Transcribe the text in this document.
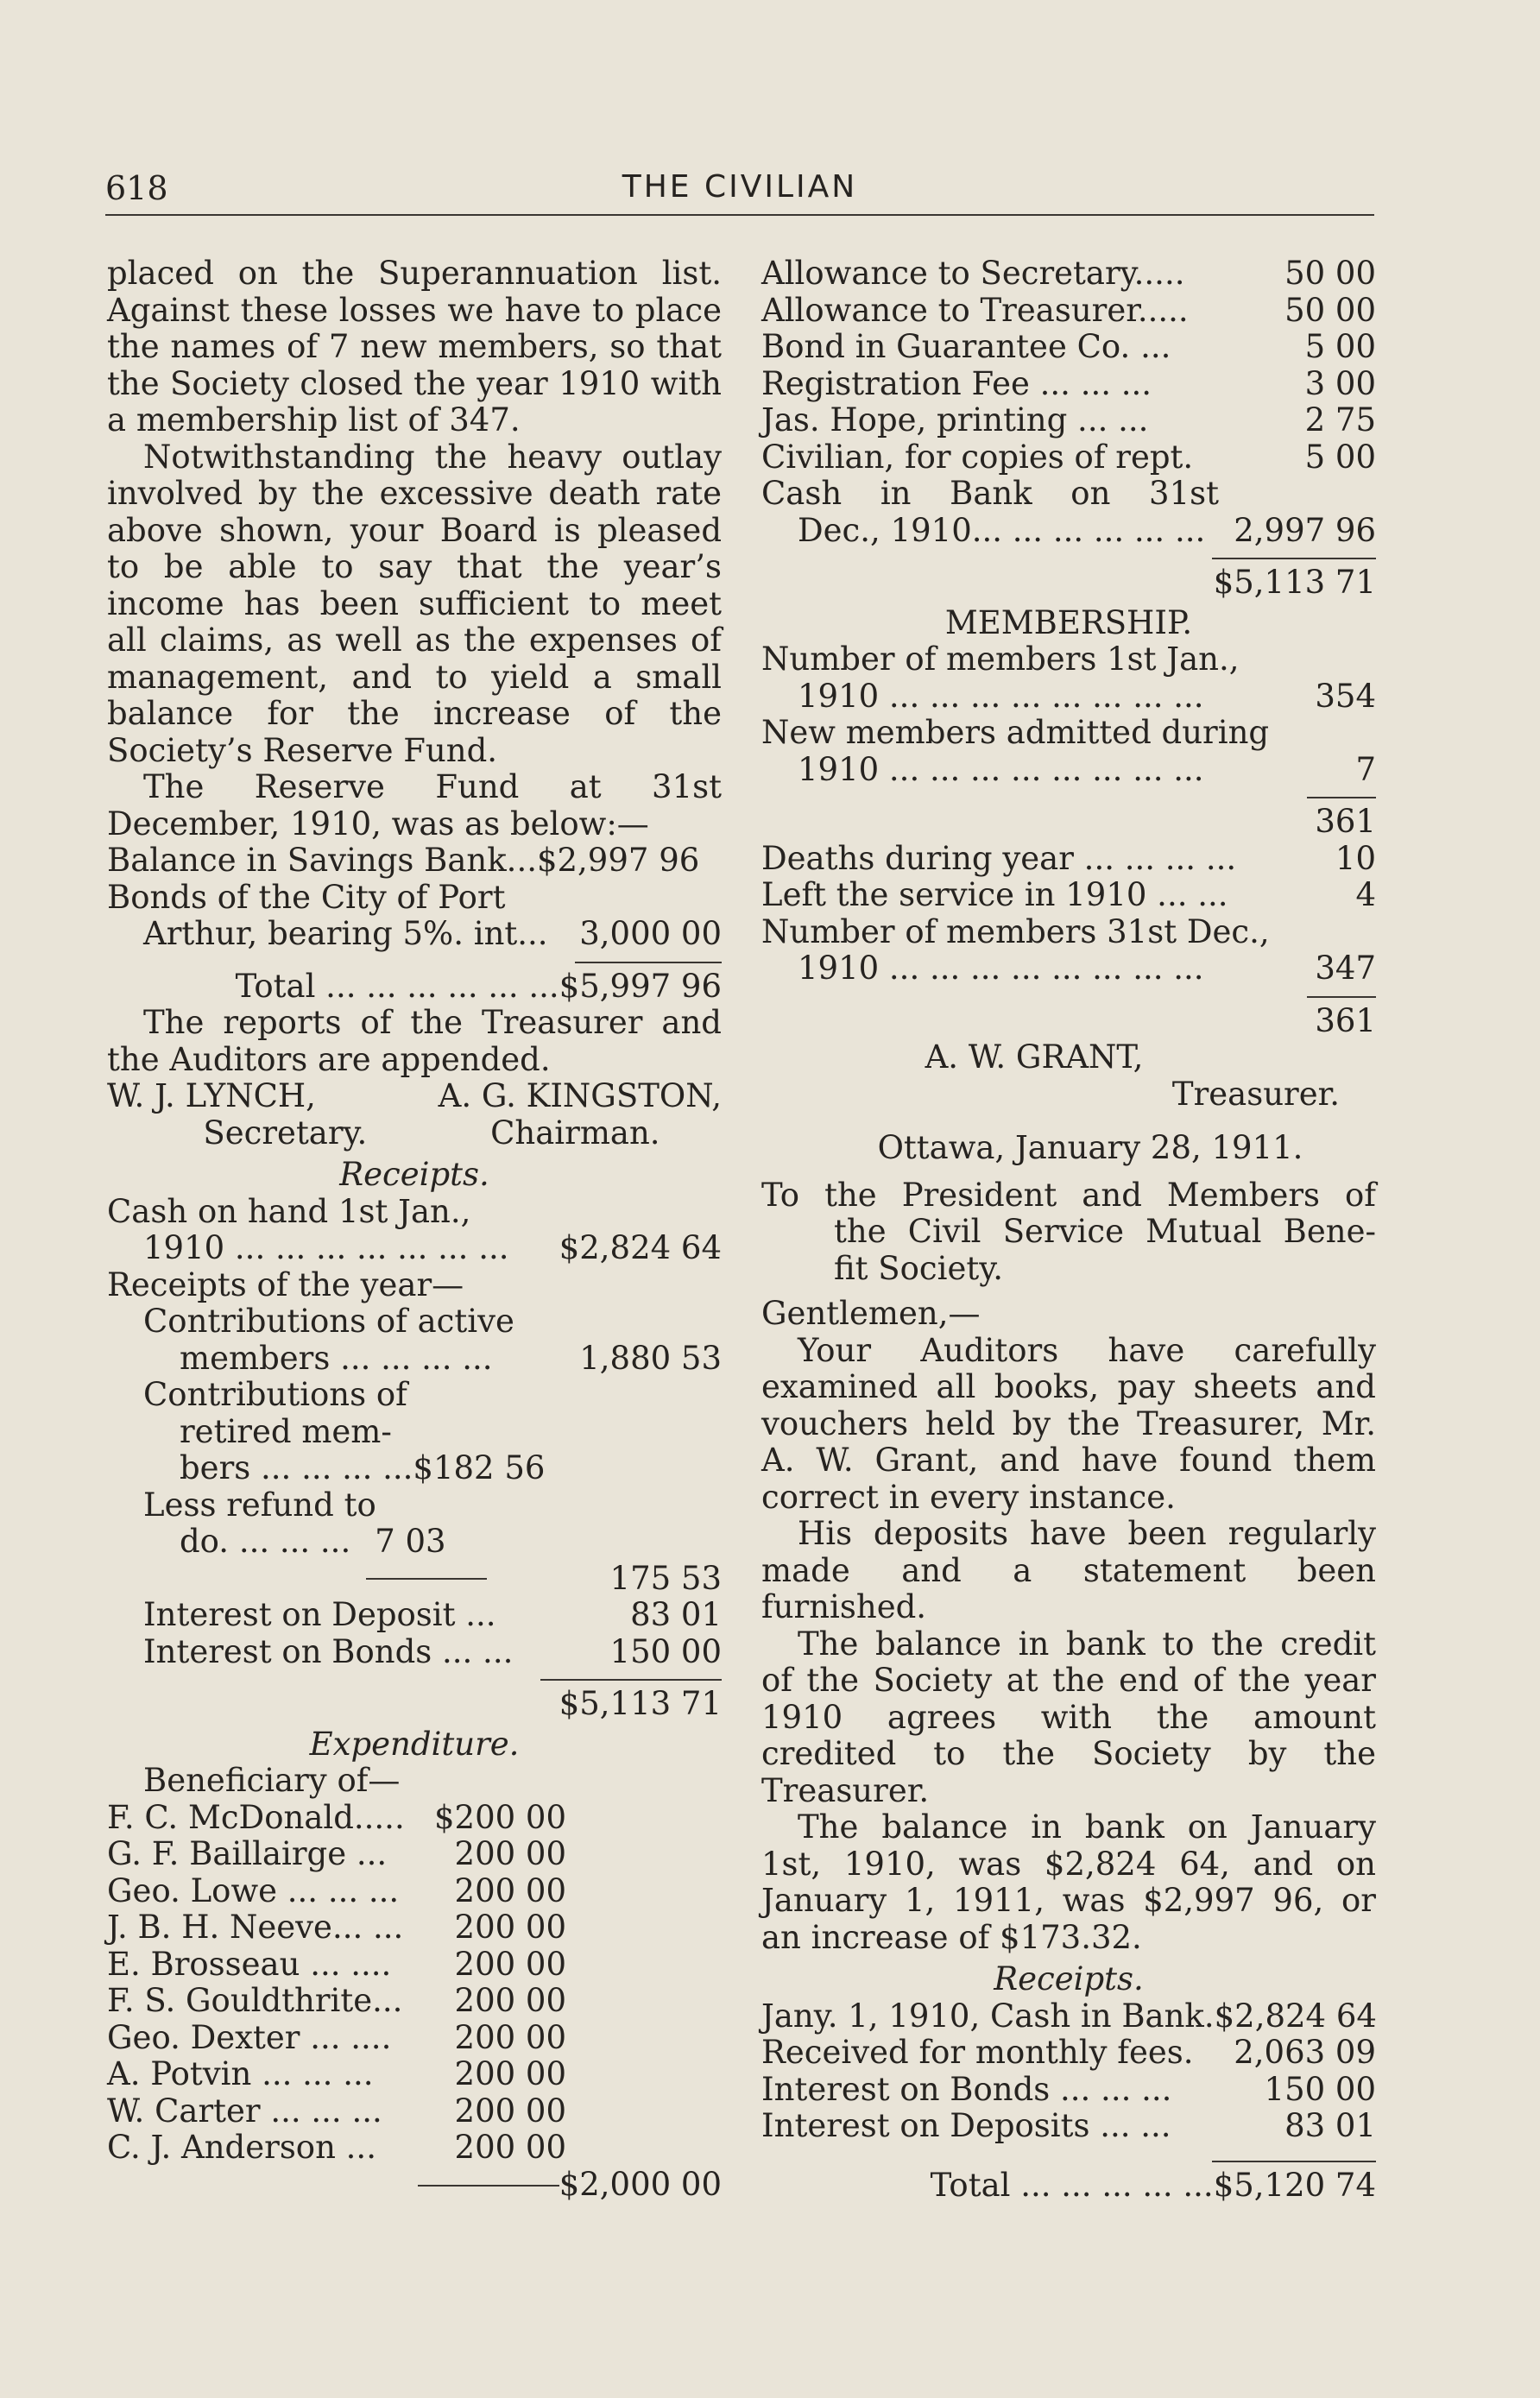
618	THE CIVILIAN

placed on the Superannuation list. Against these losses we have to place the names of 7 new members, so that the Society closed the year 1910 with a membership list of 347.

Notwithstanding the heavy outlay involved by the excessive death rate above shown, your Board is pleased to be able to say that the year’s income has been sufficient to meet all claims, as well as the expenses of management, and to yield a small balance for the increase of the Society’s Reserve Fund.

The Reserve Fund at 31st December, 1910, was as below:—

Balance in Savings Bank...$2,997 96
Bonds of the City of Port
Arthur, bearing 5%. int... 3,000 00
Total ... ... ... ... ... ...$5,997 96

The reports of the Treasurer and the Auditors are appended.

W. J. LYNCH,	A. G. KINGSTON,
Secretary.	Chairman.
Receipts.
Cash on hand 1st Jan.,
1910 ... ... ... ... ... ... ... $2,824 64
Receipts of the year—
Contributions of active
members ... ... ... ...	1,880 53
Contributions of
retired mem-
bers ... ... ... ...$182 56
Less refund to
do. ... ... ... 7 03
175 53
Interest on Deposit ...	83 01
Interest on Bonds ... ...	150 00
$5,113 71
Expenditure.
Beneficiary of—
F. C. McDonald..... $200 00
G. F. Baillairge ... 200 00
Geo. Lowe ... ... ... 200 00
J. B. H. Neeve... ... 200 00
E. Brosseau ... .... 200 00
F. S. Gouldthrite... 200 00
Geo. Dexter ... .... 200 00
A. Potvin ... ... ...	200 00
W. Carter ... ... ... 200 00
C. J. Anderson ... 200 00
$2,000 00
Allowance to Secretary.....	50 00
Allowance to Treasurer.....	50 00
Bond in Guarantee Co. ...	5 00
Registration Fee ... ... ...	3 00
Jas. Hope, printing ... ...	2 75
Civilian, for copies of rept.	5 00
Cash in Bank on 31st
Dec., 1910... ... ... ... ... ... 2,997 96
$5,113 71
MEMBERSHIP.
Number of members 1st Jan.,
1910 ... ... ... ... ... ... ... ...	354
New members admitted during
1910 ... ... ... ... ... ... ... ...	7
361
Deaths during year ... ... ... ...	10
Left the service in 1910 ... ...	4
Number of members 31st Dec.,
1910 ... ... ... ... ... ... ... ...	347
361
A. W. GRANT,
Treasurer.
Ottawa, January 28, 1911.
To the President and Members of
the Civil Service Mutual Bene-
fit Society.
Gentlemen,—

Your Auditors have carefully examined all books, pay sheets and vouchers held by the Treasurer, Mr. A. W. Grant, and have found them correct in every instance.

His deposits have been regularly made and a statement been furnished.

The balance in bank to the credit of the Society at the end of the year 1910 agrees with the amount credited to the Society by the Treasurer.

The balance in bank on January 1st, 1910, was $2,824 64, and on January 1, 1911, was $2,997 96, or an increase of $173.32.

Receipts.
Jany. 1, 1910, Cash in Bank. $2,824 64
Received for monthly fees. 2,063 09
Interest on Bonds ... ... ...	150 00
Interest on Deposits ... ...	83 01
Total ... ... ... ... ...$5,120 74
